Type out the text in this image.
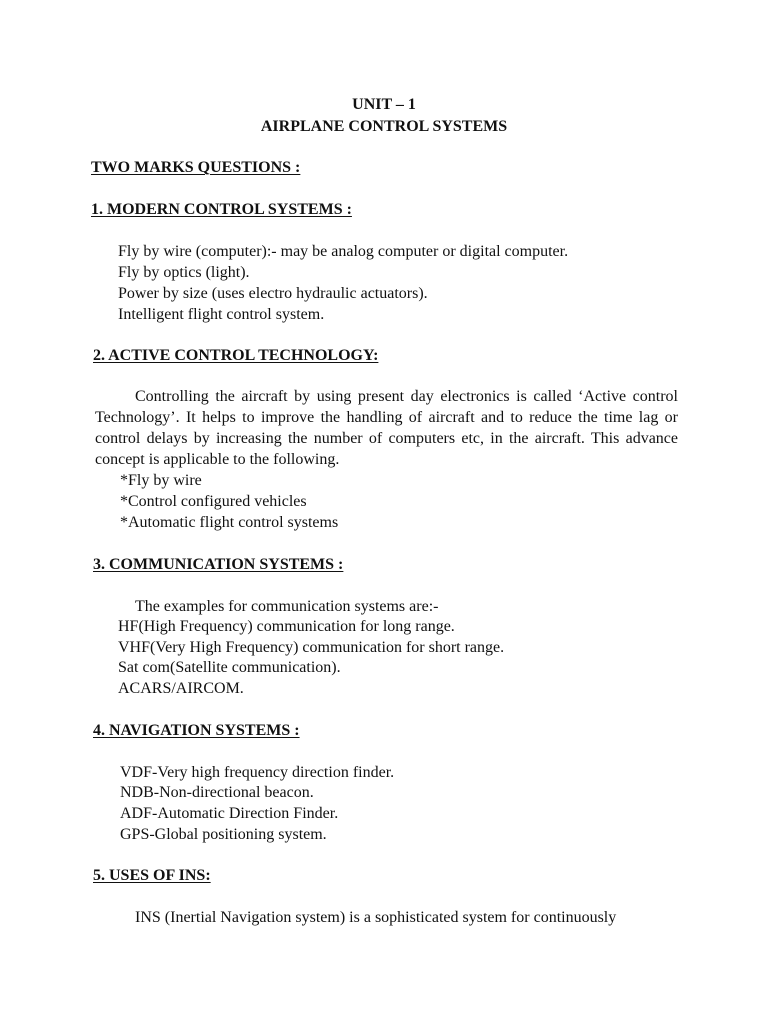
UNIT – 1
AIRPLANE CONTROL SYSTEMS
TWO MARKS QUESTIONS :
1. MODERN CONTROL SYSTEMS :
Fly by wire (computer):- may be analog computer or digital computer.
Fly by optics (light).
Power by size (uses electro hydraulic actuators).
Intelligent flight control system.
2. ACTIVE CONTROL TECHNOLOGY:

Controlling the aircraft by using present day electronics is called ‘Active control Technology’. It helps to improve the handling of aircraft and to reduce the time lag or control delays by increasing the number of computers etc, in the aircraft. This advance concept is applicable to the following.

*Fly by wire
*Control configured vehicles
*Automatic flight control systems
3. COMMUNICATION SYSTEMS :
The examples for communication systems are:-
HF(High Frequency) communication for long range.
VHF(Very High Frequency) communication for short range.
Sat com(Satellite communication).
ACARS/AIRCOM.
4. NAVIGATION SYSTEMS :
VDF-Very high frequency direction finder.
NDB-Non-directional beacon.
ADF-Automatic Direction Finder.
GPS-Global positioning system.
5. USES OF INS:
INS (Inertial Navigation system) is a sophisticated system for continuously
